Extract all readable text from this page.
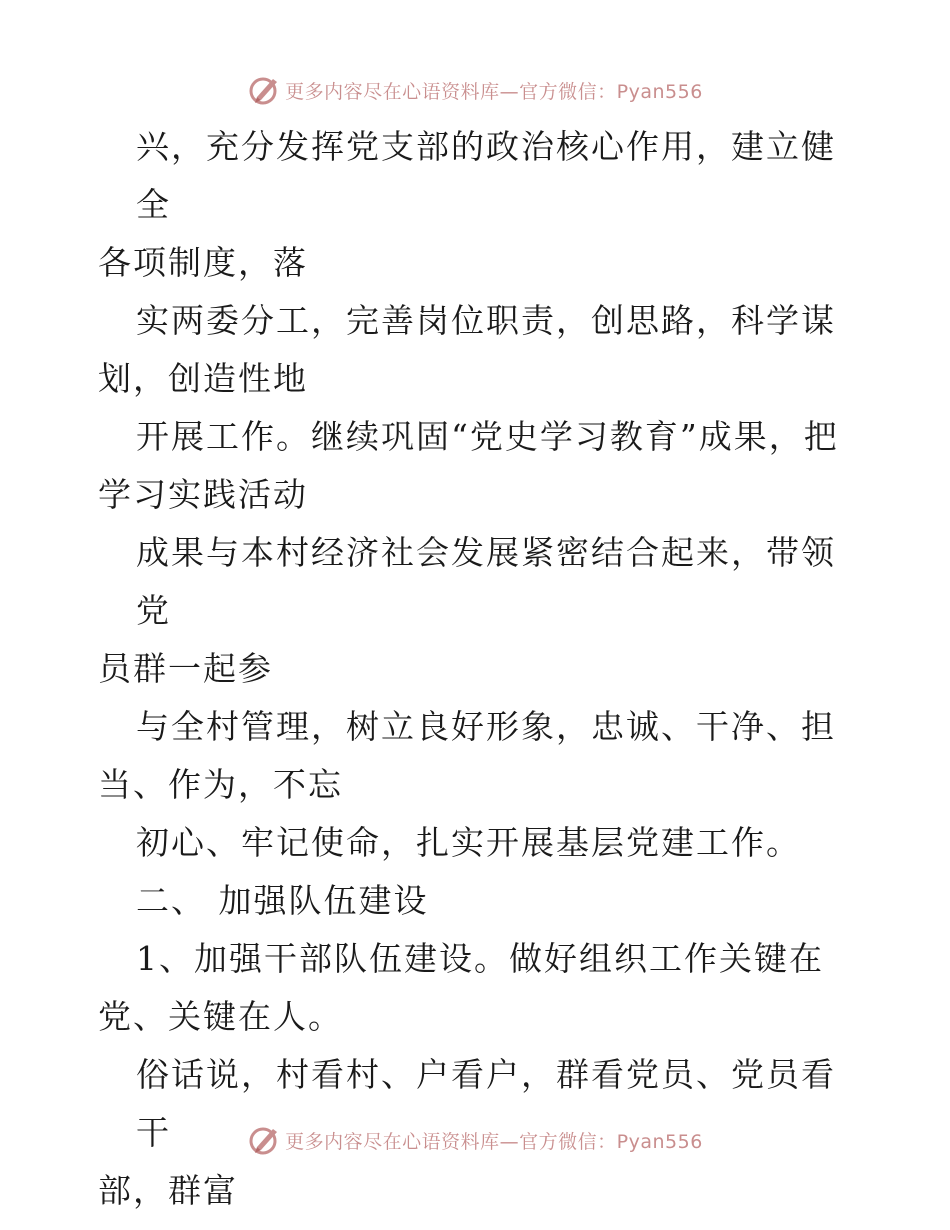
更多内容尽在心语资料库—官方微信：Pyan556

兴，充分发挥党支部的政治核心作用，建立健全

各项制度，落

实两委分工，完善岗位职责，创思路，科学谋

划，创造性地

开展工作。继续巩固“党史学习教育”成果，把

学习实践活动

成果与本村经济社会发展紧密结合起来，带领党

员群一起参

与全村管理，树立良好形象，忠诚、干净、担

当、作为，不忘

初心、牢记使命，扎实开展基层党建工作。

二、 加强队伍建设

1、加强干部队伍建设。做好组织工作关键在

党、关键在人。

俗话说，村看村、户看户，群看党员、党员看干

部，群富

更多内容尽在心语资料库—官方微信：Pyan556
